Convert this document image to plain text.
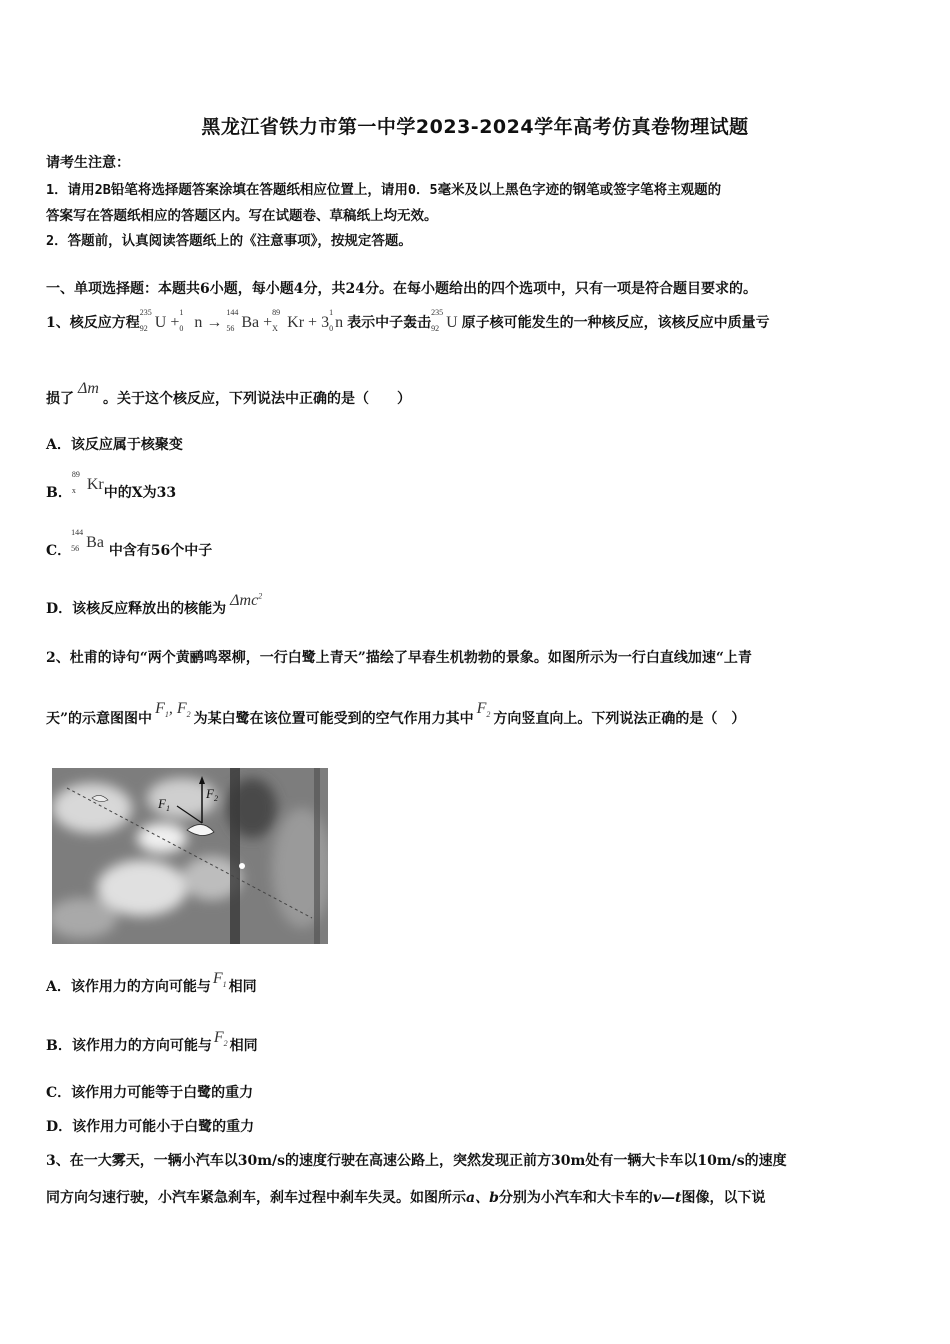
黑龙江省铁力市第一中学2023-2024学年高考仿真卷物理试题
请考生注意：
1．请用2B铅笔将选择题答案涂填在答题纸相应位置上，请用0．5毫米及以上黑色字迹的钢笔或签字笔将主观题的
答案写在答题纸相应的答题区内。写在试题卷、草稿纸上均无效。
2．答题前，认真阅读答题纸上的《注意事项》，按规定答题。
一、单项选择题：本题共6小题，每小题4分，共24分。在每小题给出的四个选项中，只有一项是符合题目要求的。
1、核反应方程
235
92 U +
1
0 n →
144
56 Ba +
89
X Kr + 3
1
0 n 表示中子轰击
235
92 U 原子核可能发生的一种核反应，该核反应中质量亏
损了Δm。关于这个核反应，下列说法中正确的是（　　）
A．该反应属于核聚变
B．
89
x Kr中的X为33
C．
144
56 Ba 中含有56个中子
D．该核反应释放出的核能为 Δmc$^2$
2、杜甫的诗句“两个黄鹂鸣翠柳，一行白鹭上青天”描绘了早春生机勃勃的景象。如图所示为一行白直线加速“上青
天”的示意图图中$F_1$, $F_2$ 为某白鹭在该位置可能受到的空气作用力其中$F_2$ 方向竖直向上。下列说法正确的是（　）
$F_1$
$F_2$
A．该作用力的方向可能与 $F_1$ 相同
B．该作用力的方向可能与 $F_2$ 相同
C．该作用力可能等于白鹭的重力
D．该作用力可能小于白鹭的重力
3、在一大雾天，一辆小汽车以30m/s的速度行驶在高速公路上，突然发现正前方30m处有一辆大卡车以10m/s的速度
同方向匀速行驶，小汽车紧急刹车，刹车过程中刹车失灵。如图所示a、b分别为小汽车和大卡车的v—t图像，以下说
